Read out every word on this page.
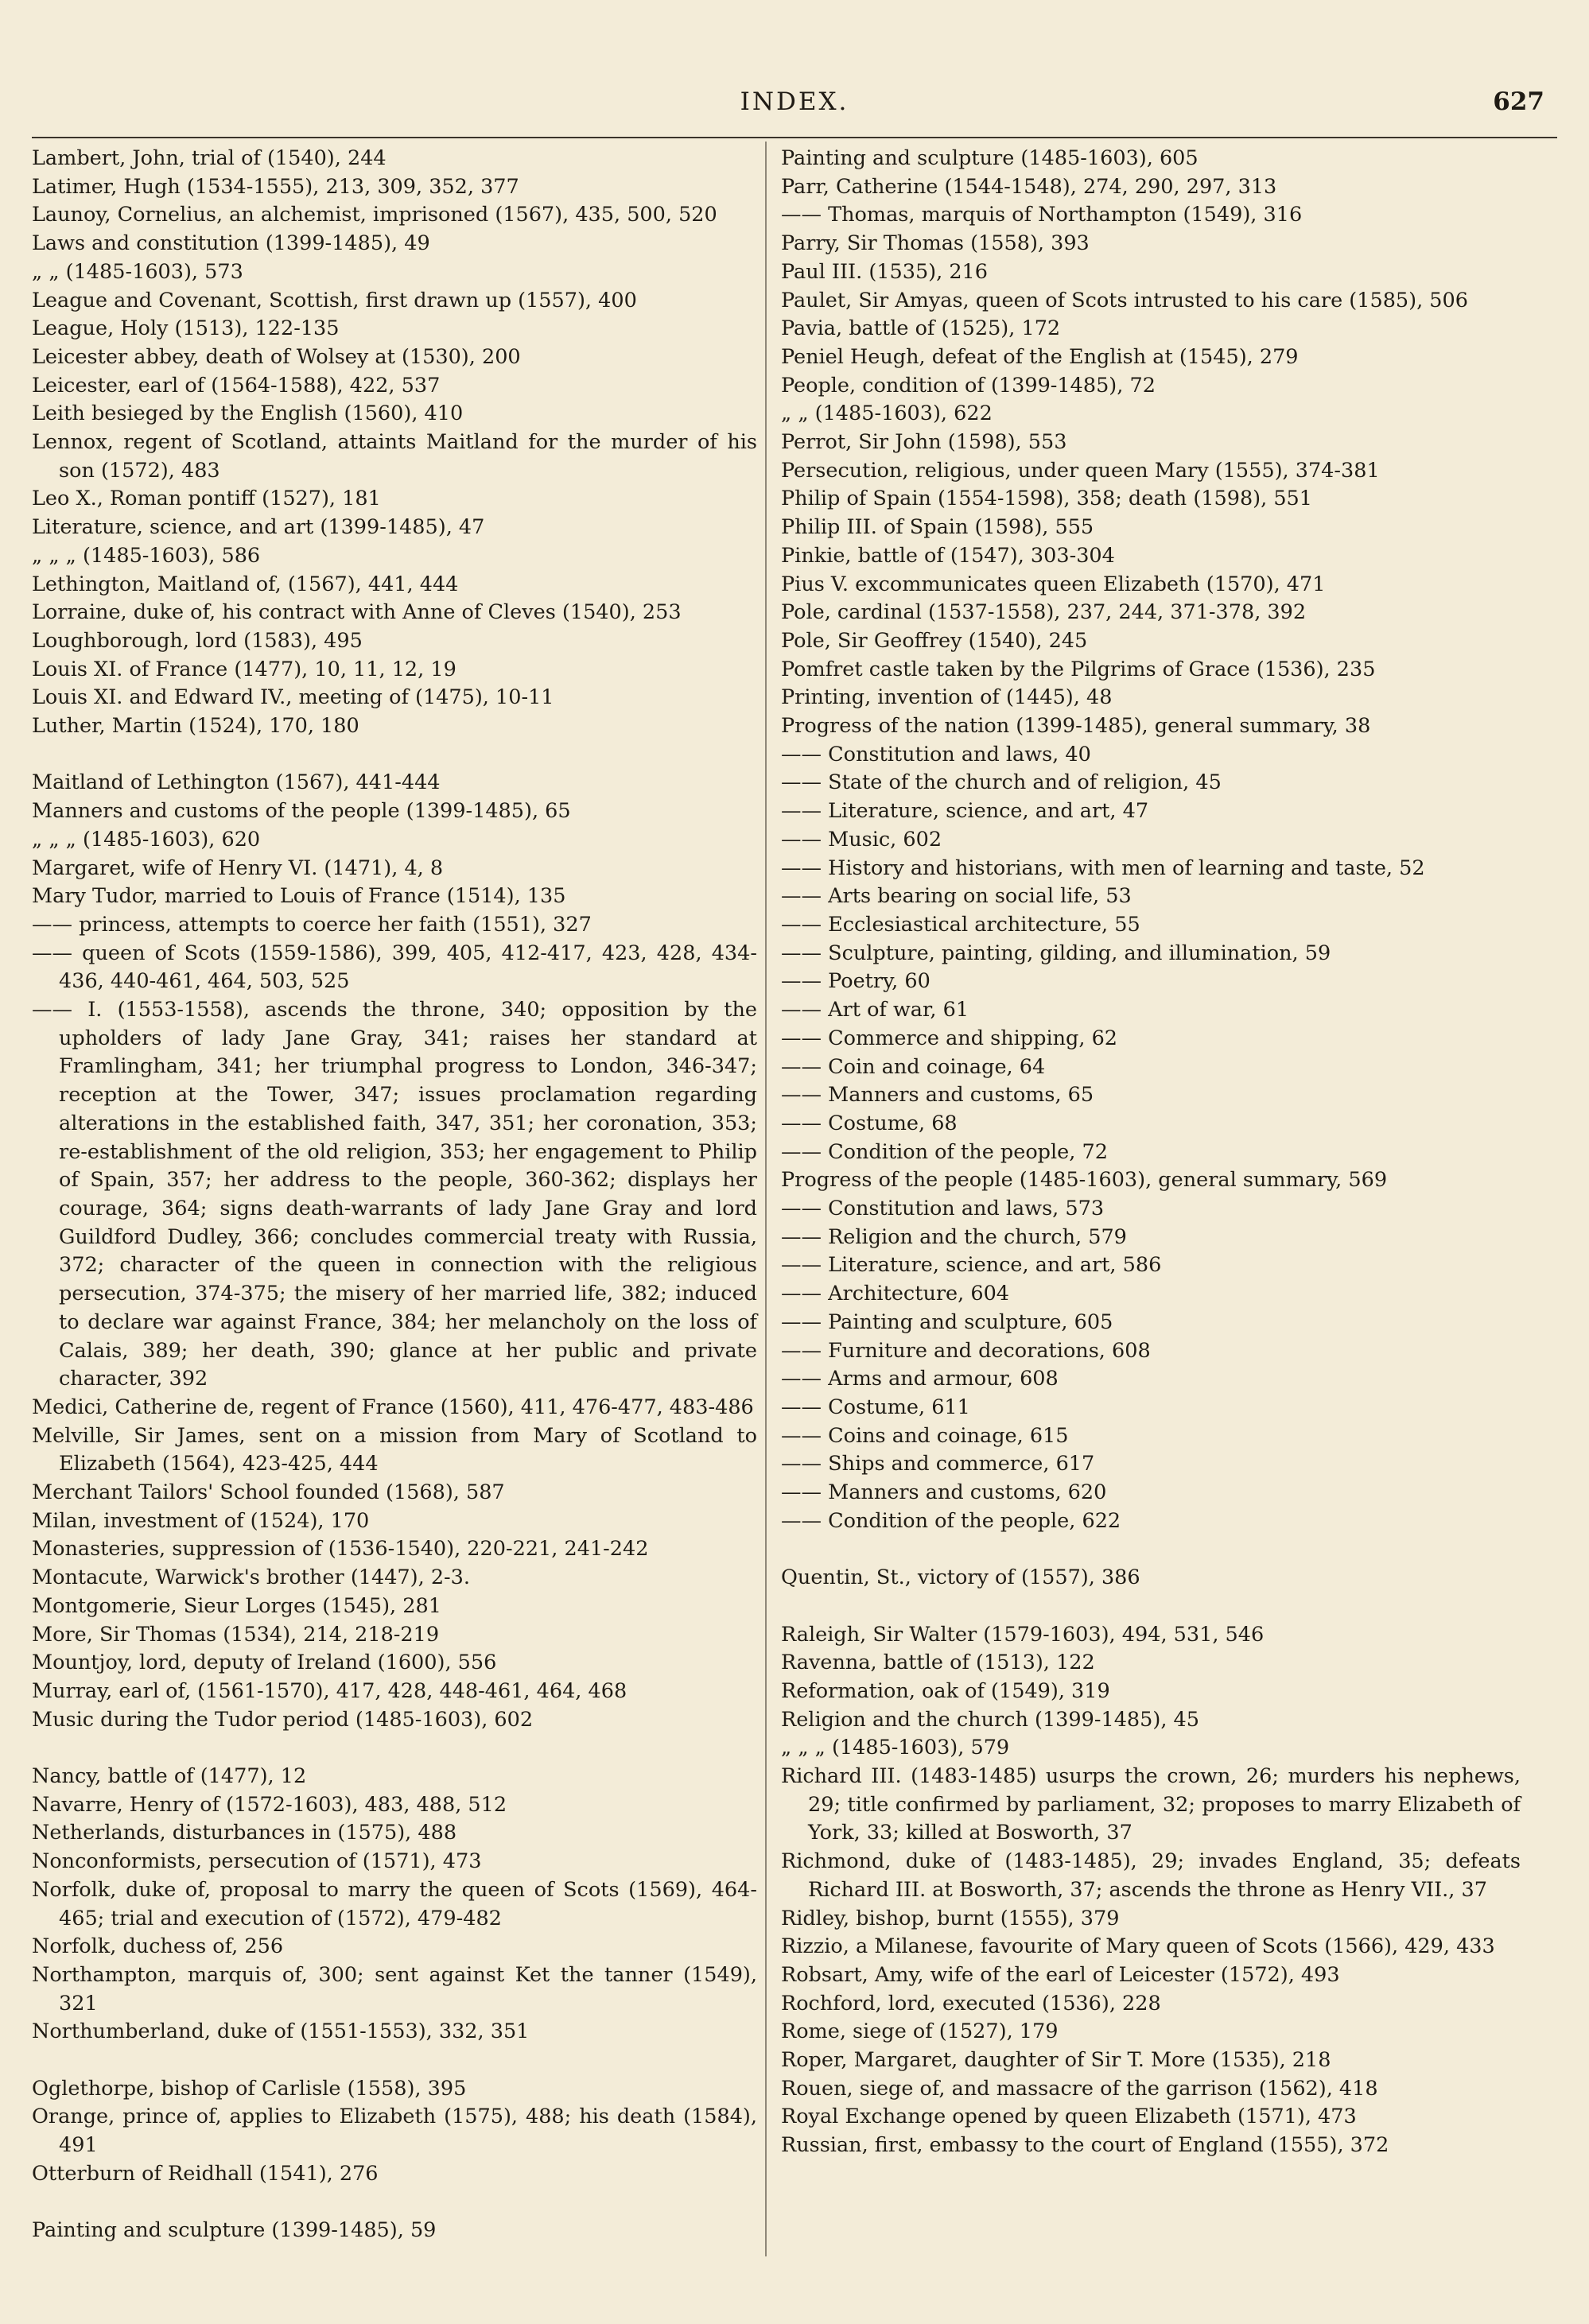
INDEX.	627
Lambert, John, trial of (1540), 244
Latimer, Hugh (1534-1555), 213, 309, 352, 377
Launoy, Cornelius, an alchemist, imprisoned (1567), 435, 500, 520
Laws and constitution (1399-1485), 49
„ „ (1485-1603), 573
League and Covenant, Scottish, first drawn up (1557), 400
League, Holy (1513), 122-135
Leicester abbey, death of Wolsey at (1530), 200
Leicester, earl of (1564-1588), 422, 537
Leith besieged by the English (1560), 410
Lennox, regent of Scotland, attaints Maitland for the murder of his son (1572), 483
Leo X., Roman pontiff (1527), 181
Literature, science, and art (1399-1485), 47
„ „ „ (1485-1603), 586
Lethington, Maitland of, (1567), 441, 444
Lorraine, duke of, his contract with Anne of Cleves (1540), 253
Loughborough, lord (1583), 495
Louis XI. of France (1477), 10, 11, 12, 19
Louis XI. and Edward IV., meeting of (1475), 10-11
Luther, Martin (1524), 170, 180
Maitland of Lethington (1567), 441-444
Manners and customs of the people (1399-1485), 65
„ „ „ (1485-1603), 620
Margaret, wife of Henry VI. (1471), 4, 8
Mary Tudor, married to Louis of France (1514), 135
—— princess, attempts to coerce her faith (1551), 327
—— queen of Scots (1559-1586), 399, 405, 412-417, 423, 428, 434-436, 440-461, 464, 503, 525
—— I. (1553-1558), ascends the throne, 340; opposition by the upholders of lady Jane Gray, 341; raises her standard at Framlingham, 341; her triumphal progress to London, 346-347; reception at the Tower, 347; issues proclamation regarding alterations in the established faith, 347, 351; her coronation, 353; re-establishment of the old religion, 353; her engagement to Philip of Spain, 357; her address to the people, 360-362; displays her courage, 364; signs death-warrants of lady Jane Gray and lord Guildford Dudley, 366; concludes commercial treaty with Russia, 372; character of the queen in connection with the religious persecution, 374-375; the misery of her married life, 382; induced to declare war against France, 384; her melancholy on the loss of Calais, 389; her death, 390; glance at her public and private character, 392
Medici, Catherine de, regent of France (1560), 411, 476-477, 483-486
Melville, Sir James, sent on a mission from Mary of Scotland to Elizabeth (1564), 423-425, 444
Merchant Tailors' School founded (1568), 587
Milan, investment of (1524), 170
Monasteries, suppression of (1536-1540), 220-221, 241-242
Montacute, Warwick's brother (1447), 2-3.
Montgomerie, Sieur Lorges (1545), 281
More, Sir Thomas (1534), 214, 218-219
Mountjoy, lord, deputy of Ireland (1600), 556
Murray, earl of, (1561-1570), 417, 428, 448-461, 464, 468
Music during the Tudor period (1485-1603), 602
Nancy, battle of (1477), 12
Navarre, Henry of (1572-1603), 483, 488, 512
Netherlands, disturbances in (1575), 488
Nonconformists, persecution of (1571), 473
Norfolk, duke of, proposal to marry the queen of Scots (1569), 464-465; trial and execution of (1572), 479-482
Norfolk, duchess of, 256
Northampton, marquis of, 300; sent against Ket the tanner (1549), 321
Northumberland, duke of (1551-1553), 332, 351
Oglethorpe, bishop of Carlisle (1558), 395
Orange, prince of, applies to Elizabeth (1575), 488; his death (1584), 491
Otterburn of Reidhall (1541), 276
Painting and sculpture (1399-1485), 59
Painting and sculpture (1485-1603), 605
Parr, Catherine (1544-1548), 274, 290, 297, 313
—— Thomas, marquis of Northampton (1549), 316
Parry, Sir Thomas (1558), 393
Paul III. (1535), 216
Paulet, Sir Amyas, queen of Scots intrusted to his care (1585), 506
Pavia, battle of (1525), 172
Peniel Heugh, defeat of the English at (1545), 279
People, condition of (1399-1485), 72
„ „ (1485-1603), 622
Perrot, Sir John (1598), 553
Persecution, religious, under queen Mary (1555), 374-381
Philip of Spain (1554-1598), 358; death (1598), 551
Philip III. of Spain (1598), 555
Pinkie, battle of (1547), 303-304
Pius V. excommunicates queen Elizabeth (1570), 471
Pole, cardinal (1537-1558), 237, 244, 371-378, 392
Pole, Sir Geoffrey (1540), 245
Pomfret castle taken by the Pilgrims of Grace (1536), 235
Printing, invention of (1445), 48
Progress of the nation (1399-1485), general summary, 38
—— Constitution and laws, 40
—— State of the church and of religion, 45
—— Literature, science, and art, 47
—— Music, 602
—— History and historians, with men of learning and taste, 52
—— Arts bearing on social life, 53
—— Ecclesiastical architecture, 55
—— Sculpture, painting, gilding, and illumination, 59
—— Poetry, 60
—— Art of war, 61
—— Commerce and shipping, 62
—— Coin and coinage, 64
—— Manners and customs, 65
—— Costume, 68
—— Condition of the people, 72
Progress of the people (1485-1603), general summary, 569
—— Constitution and laws, 573
—— Religion and the church, 579
—— Literature, science, and art, 586
—— Architecture, 604
—— Painting and sculpture, 605
—— Furniture and decorations, 608
—— Arms and armour, 608
—— Costume, 611
—— Coins and coinage, 615
—— Ships and commerce, 617
—— Manners and customs, 620
—— Condition of the people, 622
Quentin, St., victory of (1557), 386
Raleigh, Sir Walter (1579-1603), 494, 531, 546
Ravenna, battle of (1513), 122
Reformation, oak of (1549), 319
Religion and the church (1399-1485), 45
„ „ „ (1485-1603), 579
Richard III. (1483-1485) usurps the crown, 26; murders his nephews, 29; title confirmed by parliament, 32; proposes to marry Elizabeth of York, 33; killed at Bosworth, 37
Richmond, duke of (1483-1485), 29; invades England, 35; defeats Richard III. at Bosworth, 37; ascends the throne as Henry VII., 37
Ridley, bishop, burnt (1555), 379
Rizzio, a Milanese, favourite of Mary queen of Scots (1566), 429, 433
Robsart, Amy, wife of the earl of Leicester (1572), 493
Rochford, lord, executed (1536), 228
Rome, siege of (1527), 179
Roper, Margaret, daughter of Sir T. More (1535), 218
Rouen, siege of, and massacre of the garrison (1562), 418
Royal Exchange opened by queen Elizabeth (1571), 473
Russian, first, embassy to the court of England (1555), 372
